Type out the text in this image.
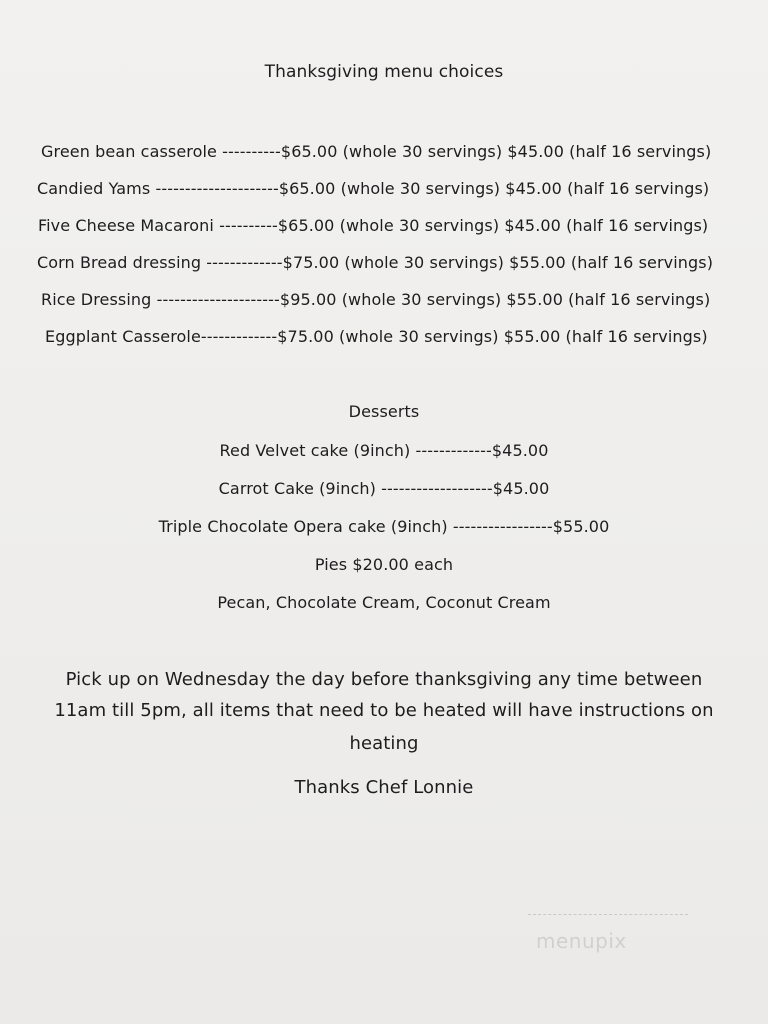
Thanksgiving menu choices
Green bean casserole ----------$65.00 (whole 30 servings) $45.00 (half 16 servings)
Candied Yams ---------------------$65.00 (whole 30 servings) $45.00 (half 16 servings)
Five Cheese Macaroni ----------$65.00 (whole 30 servings) $45.00 (half 16 servings)
Corn Bread dressing -------------$75.00 (whole 30 servings) $55.00 (half 16 servings)
Rice Dressing ---------------------$95.00 (whole 30 servings) $55.00 (half 16 servings)
Eggplant Casserole-------------$75.00 (whole 30 servings) $55.00 (half 16 servings)
Desserts
Red Velvet cake (9inch) -------------$45.00
Carrot Cake (9inch) -------------------$45.00
Triple Chocolate Opera cake (9inch) -----------------$55.00
Pies $20.00 each
Pecan, Chocolate Cream, Coconut Cream
Pick up on Wednesday the day before thanksgiving any time between
11am till 5pm, all items that need to be heated will have instructions on
heating
Thanks Chef Lonnie
menupix
